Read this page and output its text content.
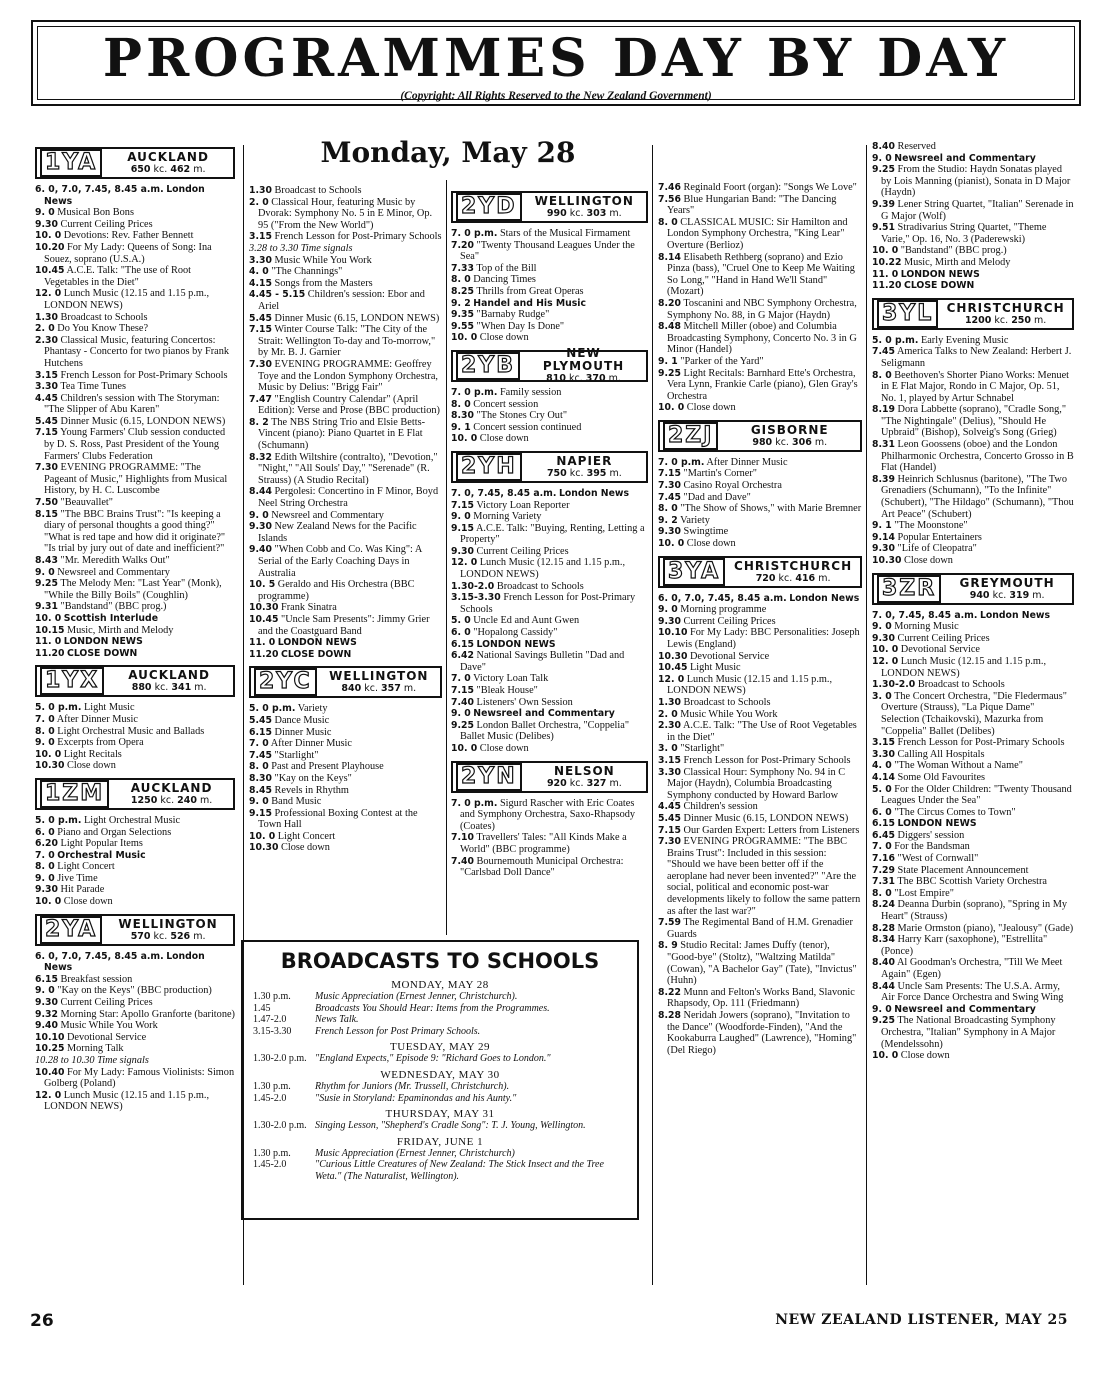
PROGRAMMES DAY BY DAY
(Copyright: All Rights Reserved to the New Zealand Government)
Monday, May 28
1YA	AUCKLAND
650 kc. 462 m.

6. 0, 7.0, 7.45, 8.45 a.m. London News

9. 0 Musical Bon Bons

9.30 Current Ceiling Prices

10. 0 Devotions: Rev. Father Bennett

10.20 For My Lady: Queens of Song: Ina Souez, soprano (U.S.A.)

10.45 A.C.E. Talk: "The use of Root Vegetables in the Diet"

12. 0 Lunch Music (12.15 and 1.15 p.m., LONDON NEWS)

1.30 Broadcast to Schools

2. 0 Do You Know These?

2.30 Classical Music, featuring Concertos: Phantasy - Concerto for two pianos by Frank Hutchens

3.15 French Lesson for Post-Primary Schools

3.30 Tea Time Tunes

4.45 Children's session with The Storyman: "The Slipper of Abu Karen"

5.45 Dinner Music (6.15, LONDON NEWS)

7.15 Young Farmers' Club session conducted by D. S. Ross, Past President of the Young Farmers' Clubs Federation

7.30 EVENING PROGRAMME: "The Pageant of Music," Highlights from Musical History, by H. C. Luscombe

7.50 "Beauvallet"

8.15 "The BBC Brains Trust": "Is keeping a diary of personal thoughts a good thing?" "What is red tape and how did it originate?" "Is trial by jury out of date and inefficient?"

8.43 "Mr. Meredith Walks Out"

9. 0 Newsreel and Commentary

9.25 The Melody Men: "Last Year" (Monk), "While the Billy Boils" (Coughlin)

9.31 "Bandstand" (BBC prog.)

10. 0 Scottish Interlude

10.15 Music, Mirth and Melody

11. 0 LONDON NEWS

11.20 CLOSE DOWN

1YX	AUCKLAND
880 kc. 341 m.

5. 0 p.m. Light Music

7. 0 After Dinner Music

8. 0 Light Orchestral Music and Ballads

9. 0 Excerpts from Opera

10. 0 Light Recitals

10.30 Close down

1ZM	AUCKLAND
1250 kc. 240 m.

5. 0 p.m. Light Orchestral Music

6. 0 Piano and Organ Selections

6.20 Light Popular Items

7. 0 Orchestral Music

8. 0 Light Concert

9. 0 Jive Time

9.30 Hit Parade

10. 0 Close down

2YA	WELLINGTON
570 kc. 526 m.

6. 0, 7.0, 7.45, 8.45 a.m. London News

6.15 Breakfast session

9. 0 "Kay on the Keys" (BBC production)

9.30 Current Ceiling Prices

9.32 Morning Star: Apollo Granforte (baritone)

9.40 Music While You Work

10.10 Devotional Service

10.25 Morning Talk

10.28 to 10.30 Time signals

10.40 For My Lady: Famous Violinists: Simon Golberg (Poland)

12. 0 Lunch Music (12.15 and 1.15 p.m., LONDON NEWS)

1.30 Broadcast to Schools

2. 0 Classical Hour, featuring Music by Dvorak: Symphony No. 5 in E Minor, Op. 95 ("From the New World")

3.15 French Lesson for Post-Primary Schools

3.28 to 3.30 Time signals

3.30 Music While You Work

4. 0 "The Channings"

4.15 Songs from the Masters

4.45 - 5.15 Children's session: Ebor and Ariel

5.45 Dinner Music (6.15, LONDON NEWS)

7.15 Winter Course Talk: "The City of the Strait: Wellington To-day and To-morrow," by Mr. B. J. Garnier

7.30 EVENING PROGRAMME: Geoffrey Toye and the London Symphony Orchestra, Music by Delius: "Brigg Fair"

7.47 "English Country Calendar" (April Edition): Verse and Prose (BBC production)

8. 2 The NBS String Trio and Elsie Betts-Vincent (piano): Piano Quartet in E Flat (Schumann)

8.32 Edith Wiltshire (contralto), "Devotion," "Night," "All Souls' Day," "Serenade" (R. Strauss) (A Studio Recital)

8.44 Pergolesi: Concertino in F Minor, Boyd Neel String Orchestra

9. 0 Newsreel and Commentary

9.30 New Zealand News for the Pacific Islands

9.40 "When Cobb and Co. Was King": A Serial of the Early Coaching Days in Australia

10. 5 Geraldo and His Orchestra (BBC programme)

10.30 Frank Sinatra

10.45 "Uncle Sam Presents": Jimmy Grier and the Coastguard Band

11. 0 LONDON NEWS

11.20 CLOSE DOWN

2YC	WELLINGTON
840 kc. 357 m.

5. 0 p.m. Variety

5.45 Dance Music

6.15 Dinner Music

7. 0 After Dinner Music

7.45 "Starlight"

8. 0 Past and Present Playhouse

8.30 "Kay on the Keys"

8.45 Revels in Rhythm

9. 0 Band Music

9.15 Professional Boxing Contest at the Town Hall

10. 0 Light Concert

10.30 Close down

2YD	WELLINGTON
990 kc. 303 m.

7. 0 p.m. Stars of the Musical Firmament

7.20 "Twenty Thousand Leagues Under the Sea"

7.33 Top of the Bill

8. 0 Dancing Times

8.25 Thrills from Great Operas

9. 2 Handel and His Music

9.35 "Barnaby Rudge"

9.55 "When Day Is Done"

10. 0 Close down

2YB	NEW PLYMOUTH
810 kc. 370 m.

7. 0 p.m. Family session

8. 0 Concert session

8.30 "The Stones Cry Out"

9. 1 Concert session continued

10. 0 Close down

2YH	NAPIER
750 kc. 395 m.

7. 0, 7.45, 8.45 a.m. London News

7.15 Victory Loan Reporter

9. 0 Morning Variety

9.15 A.C.E. Talk: "Buying, Renting, Letting a Property"

9.30 Current Ceiling Prices

12. 0 Lunch Music (12.15 and 1.15 p.m., LONDON NEWS)

1.30-2.0 Broadcast to Schools

3.15-3.30 French Lesson for Post-Primary Schools

5. 0 Uncle Ed and Aunt Gwen

6. 0 "Hopalong Cassidy"

6.15 LONDON NEWS

6.42 National Savings Bulletin "Dad and Dave"

7. 0 Victory Loan Talk

7.15 "Bleak House"

7.40 Listeners' Own Session

9. 0 Newsreel and Commentary

9.25 London Ballet Orchestra, "Coppelia" Ballet Music (Delibes)

10. 0 Close down

2YN	NELSON
920 kc. 327 m.

7. 0 p.m. Sigurd Rascher with Eric Coates and Symphony Orchestra, Saxo-Rhapsody (Coates)

7.10 Travellers' Tales: "All Kinds Make a World" (BBC programme)

7.40 Bournemouth Municipal Orchestra: "Carlsbad Doll Dance"

7.46 Reginald Foort (organ): "Songs We Love"

7.56 Blue Hungarian Band: "The Dancing Years"

8. 0 CLASSICAL MUSIC: Sir Hamilton and London Symphony Orchestra, "King Lear" Overture (Berlioz)

8.14 Elisabeth Rethberg (soprano) and Ezio Pinza (bass), "Cruel One to Keep Me Waiting So Long," "Hand in Hand We'll Stand" (Mozart)

8.20 Toscanini and NBC Symphony Orchestra, Symphony No. 88, in G Major (Haydn)

8.48 Mitchell Miller (oboe) and Columbia Broadcasting Symphony, Concerto No. 3 in G Minor (Handel)

9. 1 "Parker of the Yard"

9.25 Light Recitals: Barnhard Ette's Orchestra, Vera Lynn, Frankie Carle (piano), Glen Gray's Orchestra

10. 0 Close down

2ZJ	GISBORNE
980 kc. 306 m.

7. 0 p.m. After Dinner Music

7.15 "Martin's Corner"

7.30 Casino Royal Orchestra

7.45 "Dad and Dave"

8. 0 "The Show of Shows," with Marie Bremner

9. 2 Variety

9.30 Swingtime

10. 0 Close down

3YA	CHRISTCHURCH
720 kc. 416 m.

6. 0, 7.0, 7.45, 8.45 a.m. London News

9. 0 Morning programme

9.30 Current Ceiling Prices

10.10 For My Lady: BBC Personalities: Joseph Lewis (England)

10.30 Devotional Service

10.45 Light Music

12. 0 Lunch Music (12.15 and 1.15 p.m., LONDON NEWS)

1.30 Broadcast to Schools

2. 0 Music While You Work

2.30 A.C.E. Talk: "The Use of Root Vegetables in the Diet"

3. 0 "Starlight"

3.15 French Lesson for Post-Primary Schools

3.30 Classical Hour: Symphony No. 94 in C Major (Haydn), Columbia Broadcasting Symphony conducted by Howard Barlow

4.45 Children's session

5.45 Dinner Music (6.15, LONDON NEWS)

7.15 Our Garden Expert: Letters from Listeners

7.30 EVENING PROGRAMME: "The BBC Brains Trust": Included in this session: "Should we have been better off if the aeroplane had never been invented?" "Are the social, political and economic post-war developments likely to follow the same pattern as after the last war?"

7.59 The Regimental Band of H.M. Grenadier Guards

8. 9 Studio Recital: James Duffy (tenor), "Good-bye" (Stoltz), "Waltzing Matilda" (Cowan), "A Bachelor Gay" (Tate), "Invictus" (Huhn)

8.22 Munn and Felton's Works Band, Slavonic Rhapsody, Op. 111 (Friedmann)

8.28 Neridah Jowers (soprano), "Invitation to the Dance" (Woodforde-Finden), "And the Kookaburra Laughed" (Lawrence), "Homing" (Del Riego)

8.40 Reserved

9. 0 Newsreel and Commentary

9.25 From the Studio: Haydn Sonatas played by Lois Manning (pianist), Sonata in D Major (Haydn)

9.39 Lener String Quartet, "Italian" Serenade in G Major (Wolf)

9.51 Stradivarius String Quartet, "Theme Varie," Op. 16, No. 3 (Paderewski)

10. 0 "Bandstand" (BBC prog.)

10.22 Music, Mirth and Melody

11. 0 LONDON NEWS

11.20 CLOSE DOWN

3YL	CHRISTCHURCH
1200 kc. 250 m.

5. 0 p.m. Early Evening Music

7.45 America Talks to New Zealand: Herbert J. Seligmann

8. 0 Beethoven's Shorter Piano Works: Menuet in E Flat Major, Rondo in C Major, Op. 51, No. 1, played by Artur Schnabel

8.19 Dora Labbette (soprano), "Cradle Song," "The Nightingale" (Delius), "Should He Upbraid" (Bishop), Solveig's Song (Grieg)

8.31 Leon Goossens (oboe) and the London Philharmonic Orchestra, Concerto Grosso in B Flat (Handel)

8.39 Heinrich Schlusnus (baritone), "The Two Grenadiers (Schumann), "To the Infinite" (Schubert), "The Hildago" (Schumann), "Thou Art Peace" (Schubert)

9. 1 "The Moonstone"

9.14 Popular Entertainers

9.30 "Life of Cleopatra"

10.30 Close down

3ZR	GREYMOUTH
940 kc. 319 m.

7. 0, 7.45, 8.45 a.m. London News

9. 0 Morning Music

9.30 Current Ceiling Prices

10. 0 Devotional Service

12. 0 Lunch Music (12.15 and 1.15 p.m., LONDON NEWS)

1.30-2.0 Broadcast to Schools

3. 0 The Concert Orchestra, "Die Fledermaus" Overture (Strauss), "La Pique Dame" Selection (Tchaikovski), Mazurka from "Coppelia" Ballet (Delibes)

3.15 French Lesson for Post-Primary Schools

3.30 Calling All Hospitals

4. 0 "The Woman Without a Name"

4.14 Some Old Favourites

5. 0 For the Older Children: "Twenty Thousand Leagues Under the Sea"

6. 0 "The Circus Comes to Town"

6.15 LONDON NEWS

6.45 Diggers' session

7. 0 For the Bandsman

7.16 "West of Cornwall"

7.29 State Placement Announcement

7.31 The BBC Scottish Variety Orchestra

8. 0 "Lost Empire"

8.24 Deanna Durbin (soprano), "Spring in My Heart" (Strauss)

8.28 Marie Ormston (piano), "Jealousy" (Gade)

8.34 Harry Karr (saxophone), "Estrellita" (Ponce)

8.40 Al Goodman's Orchestra, "Till We Meet Again" (Egen)

8.44 Uncle Sam Presents: The U.S.A. Army, Air Force Dance Orchestra and Swing Wing

9. 0 Newsreel and Commentary

9.25 The National Broadcasting Symphony Orchestra, "Italian" Symphony in A Major (Mendelssohn)

10. 0 Close down

BROADCASTS TO SCHOOLS
MONDAY, MAY 28
1.30 p.m. Music Appreciation (Ernest Jenner, Christchurch).
1.45	Broadcasts You Should Hear: Items from the Programmes.
1.47-2.0	News Talk.
3.15-3.30 French Lesson for Post Primary Schools.
TUESDAY, MAY 29
1.30-2.0 p.m. "England Expects," Episode 9: "Richard Goes to London."
WEDNESDAY, MAY 30
1.30 p.m. Rhythm for Juniors (Mr. Trussell, Christchurch).
1.45-2.0	"Susie in Storyland: Epaminondas and his Aunty."
THURSDAY, MAY 31
1.30-2.0 p.m. Singing Lesson, "Shepherd's Cradle Song": T. J. Young, Wellington.
FRIDAY, JUNE 1
1.30 p.m. Music Appreciation (Ernest Jenner, Christchurch)
1.45-2.0	"Curious Little Creatures of New Zealand: The Stick Insect and the Tree Weta." (The Naturalist, Wellington).
26	NEW ZEALAND LISTENER, MAY 25
